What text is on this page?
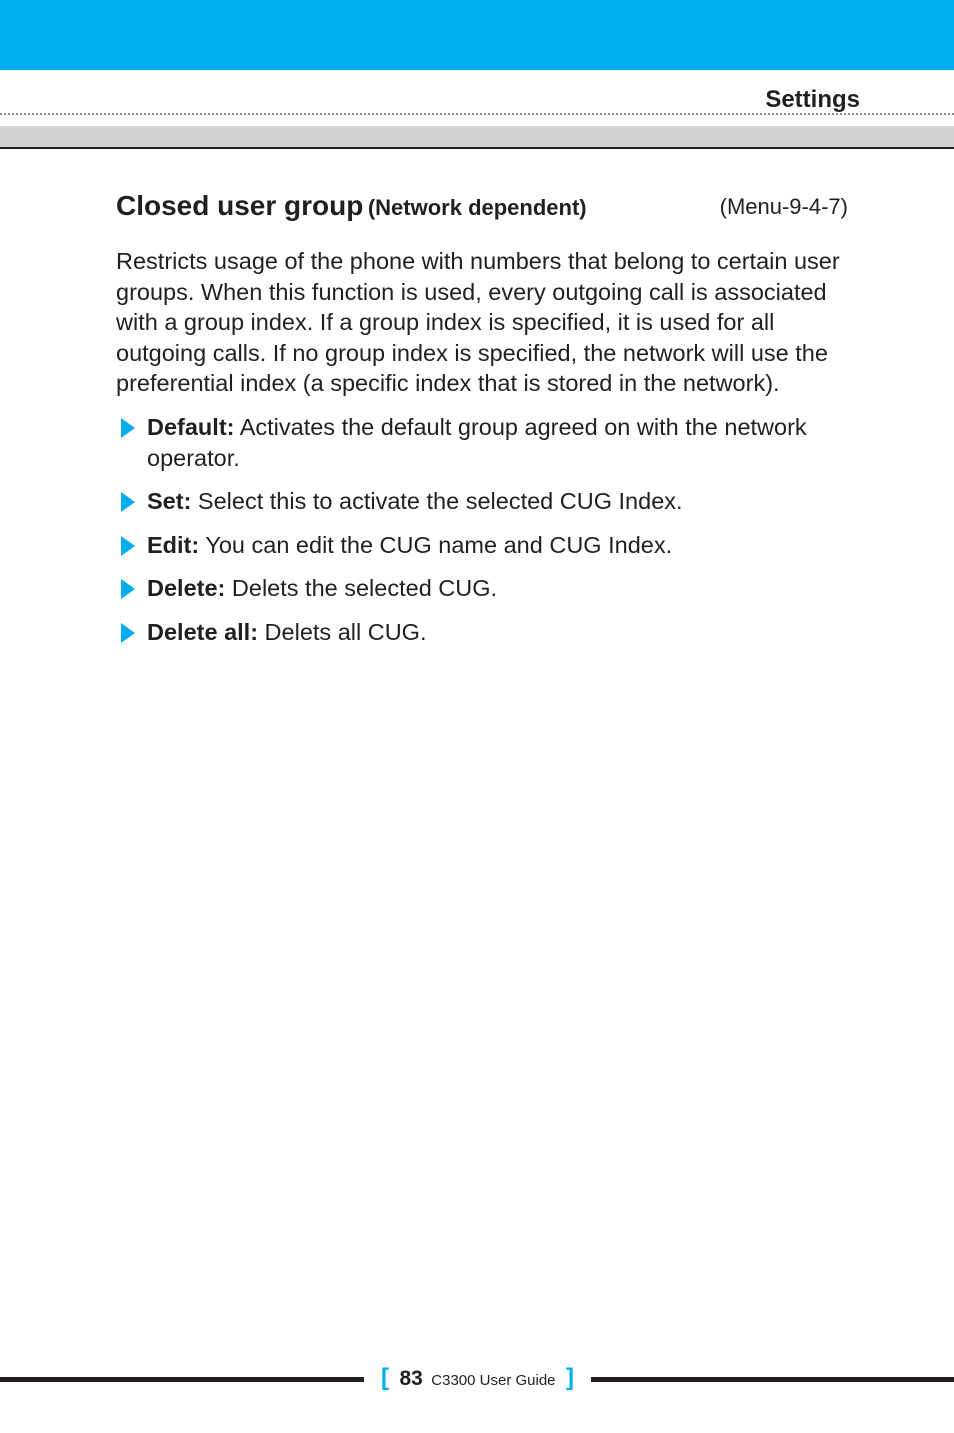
Settings
Closed user group (Network dependent)	(Menu-9-4-7)

Restricts usage of the phone with numbers that belong to certain user groups. When this function is used, every outgoing call is associated with a group index. If a group index is specified, it is used for all outgoing calls. If no group index is specified, the network will use the preferential index (a specific index that is stored in the network).

Default: Activates the default group agreed on with the network operator.
Set: Select this to activate the selected CUG Index.
Edit: You can edit the CUG name and CUG Index.
Delete: Delets the selected CUG.
Delete all: Delets all CUG.
[ 83 C3300 User Guide ]
